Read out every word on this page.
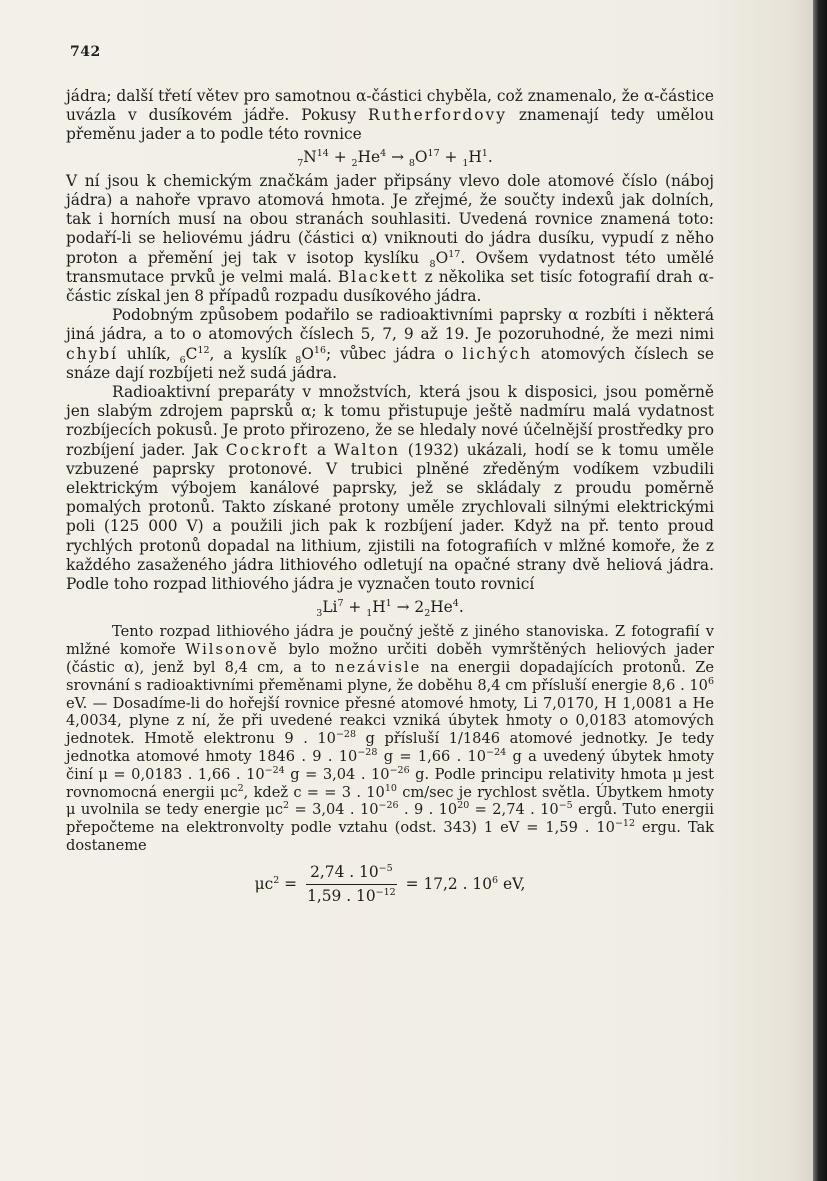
742

jádra; další třetí větev pro samotnou α-částici chyběla, což znamenalo, že α-částice uvázla v dusíkovém jádře. Pokusy Rutherfordovy znamenají tedy umělou přeměnu jader a to podle této rovnice

$_7N^{14} + _2He^4 \to _8O^{17} + _1H^1$.

V ní jsou k chemickým značkám jader připsány vlevo dole atomové číslo (náboj jádra) a nahoře vpravo atomová hmota. Je zřejmé, že součty indexů jak dolních, tak i horních musí na obou stranách souhlasiti. Uvedená rovnice znamená toto: podaří-li se heliovému jádru (částici α) vniknouti do jádra dusíku, vypudí z něho proton a přemění jej tak v isotop kyslíku $_8O^{17}$. Ovšem vydatnost této umělé transmutace prvků je velmi malá. Blackett z několika set tisíc fotografií drah α-částic získal jen 8 případů rozpadu dusíkového jádra.

Podobným způsobem podařilo se radioaktivními paprsky α rozbíti i některá jiná jádra, a to o atomových číslech 5, 7, 9 až 19. Je pozoruhodné, že mezi nimi chybí uhlík, $_6C^{12}$, a kyslík $_8O^{16}$; vůbec jádra o lichých atomových číslech se snáze dají rozbíjeti než sudá jádra.

Radioaktivní preparáty v množstvích, která jsou k disposici, jsou poměrně jen slabým zdrojem paprsků α; k tomu přistupuje ještě nadmíru malá vydatnost rozbíjecích pokusů. Je proto přirozeno, že se hledaly nové účelnější prostředky pro rozbíjení jader. Jak Cockroft a Walton (1932) ukázali, hodí se k tomu uměle vzbuzené paprsky protonové. V trubici plněné zředěným vodíkem vzbudili elektrickým výbojem kanálové paprsky, jež se skládaly z proudu poměrně pomalých protonů. Takto získané protony uměle zrychlovali silnými elektrickými poli (125 000 V) a použili jich pak k rozbíjení jader. Když na př. tento proud rychlých protonů dopadal na lithium, zjistili na fotografiích v mlžné komoře, že z každého zasaženého jádra lithiového odletují na opačné strany dvě heliová jádra. Podle toho rozpad lithiového jádra je vyznačen touto rovnicí

$_3Li^7 + _1H^1 \to 2_2He^4$.

Tento rozpad lithiového jádra je poučný ještě z jiného stanoviska. Z fotografií v mlžné komoře Wilsonově bylo možno určiti doběh vymrštěných heliových jader (částic α), jenž byl 8,4 cm, a to nezávisle na energii dopadajících protonů. Ze srovnání s radioaktivními přeměnami plyne, že doběhu 8,4 cm přísluší energie 8,6 . $10^6$ eV. — Dosadíme-li do hořejší rovnice přesné atomové hmoty, Li 7,0170, H 1,0081 a He 4,0034, plyne z ní, že při uvedené reakci vzniká úbytek hmoty o 0,0183 atomových jednotek. Hmotě elektronu 9 . $10^{-28}$ g přísluší 1/1846 atomové jednotky. Je tedy jednotka atomové hmoty 1846 . 9 . $10^{-28}$ g = 1,66 . $10^{-24}$ g a uvedený úbytek hmoty činí μ = 0,0183 . 1,66 . $10^{-24}$ g = 3,04 . $10^{-26}$ g. Podle principu relativity hmota μ jest rovnomocná energii $\mu c^2$, kdež c = = 3 . $10^{10}$ cm/sec je rychlost světla. Úbytkem hmoty μ uvolnila se tedy energie $\mu c^2 = 3,04$ . $10^{-26}$ . 9 . $10^{20} = 2,74$ . $10^{-5}$ ergů. Tuto energii přepočteme na elektronvolty podle vztahu (odst. 343) 1 eV = 1,59 . $10^{-12}$ ergu. Tak dostaneme

$\mu c^2 = \frac{2,74 . 10^{-5}}{1,59 . 10^{-12}} = 17,2$ . $10^6$ eV,
